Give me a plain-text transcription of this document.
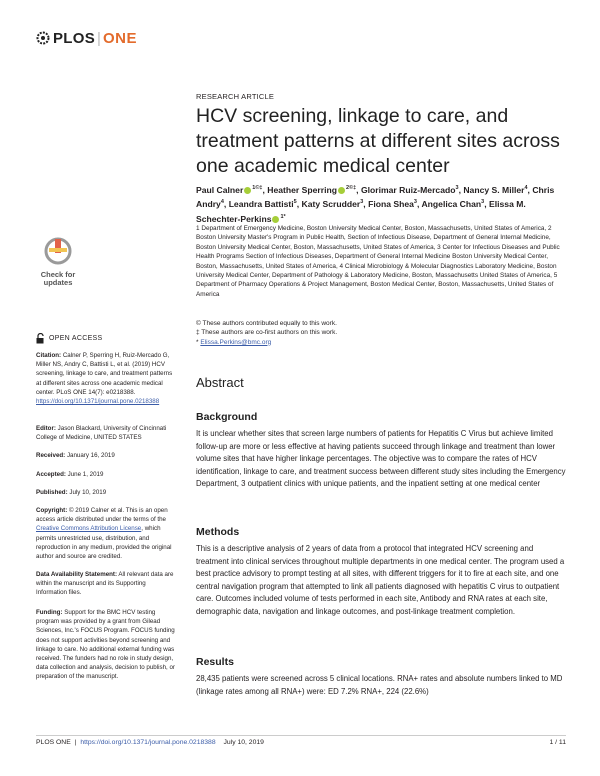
PLOS | ONE
RESEARCH ARTICLE
HCV screening, linkage to care, and treatment patterns at different sites across one academic medical center
Paul Calner $^{1©\ddagger}$, Heather Sperring $^{2©\ddagger}$, Glorimar Ruiz-Mercado$^3$, Nancy S. Miller$^4$, Chris Andry$^4$, Leandra Battisti$^5$, Katy Scrudder$^3$, Fiona Shea$^3$, Angelica Chan$^3$, Elissa M. Schechter-Perkins $^{1*}$
1 Department of Emergency Medicine, Boston University Medical Center, Boston, Massachusetts, United States of America, 2 Boston University Master's Program in Public Health, Section of Infectious Disease, Department of General Internal Medicine, Boston University Medical Center, Boston, Massachusetts, United States of America, 3 Center for Infectious Diseases and Public Health Programs Section of Infectious Diseases, Department of General Internal Medicine Boston University Medical Center, Boston, Massachusetts, United States of America, 4 Clinical Microbiology & Molecular Diagnostics Laboratory Medicine, Boston University Medical Center, Department of Pathology & Laboratory Medicine, Boston, Massachusetts United States of America, 5 Department of Pharmacy Operations & Project Management, Boston Medical Center, Boston, Massachusetts, United States of America
© These authors contributed equally to this work.
‡ These authors are co-first authors on this work.
* Elissa.Perkins@bmc.org
Check for updates
OPEN ACCESS
Citation: Calner P, Sperring H, Ruiz-Mercado G, Miller NS, Andry C, Battisti L, et al. (2019) HCV screening, linkage to care, and treatment patterns at different sites across one academic medical center. PLoS ONE 14(7): e0218388. https://doi.org/10.1371/journal.pone.0218388
Editor: Jason Blackard, University of Cincinnati College of Medicine, UNITED STATES
Received: January 16, 2019
Accepted: June 1, 2019
Published: July 10, 2019
Copyright: © 2019 Calner et al. This is an open access article distributed under the terms of the Creative Commons Attribution License, which permits unrestricted use, distribution, and reproduction in any medium, provided the original author and source are credited.
Data Availability Statement: All relevant data are within the manuscript and its Supporting Information files.
Funding: Support for the BMC HCV testing program was provided by a grant from Gilead Sciences, Inc.'s FOCUS Program. FOCUS funding does not support activities beyond screening and linkage to care. No additional external funding was received. The funders had no role in study design, data collection and analysis, decision to publish, or preparation of the manuscript.
Abstract
Background
It is unclear whether sites that screen large numbers of patients for Hepatitis C Virus but achieve limited follow-up are more or less effective at having patients succeed through linkage and treatment than lower volume sites that have higher linkage percentages. The objective was to compare the rates of HCV identification, linkage to care, and treatment success between different study sites including the Emergency Department, 3 outpatient clinics with unique patients, and the inpatient setting at one medical center
Methods
This is a descriptive analysis of 2 years of data from a protocol that integrated HCV screening and treatment into clinical services throughout multiple departments in one medical center. The program used a best practice advisory to prompt testing at all sites, with different triggers for it to fire at each site, and one central navigation program that attempted to link all patients diagnosed with hepatitis C virus to outpatient care. Outcomes included volume of tests performed in each site, Antibody and RNA rates at each site, demographic data, navigation and linkage outcomes, and post-linkage treatment completion.
Results
28,435 patients were screened across 5 clinical locations. RNA+ rates and absolute numbers linked to MD (linkage rates among all RNA+) were: ED 7.2% RNA+, 224 (22.6%)
PLOS ONE | https://doi.org/10.1371/journal.pone.0218388 July 10, 2019	1 / 11
